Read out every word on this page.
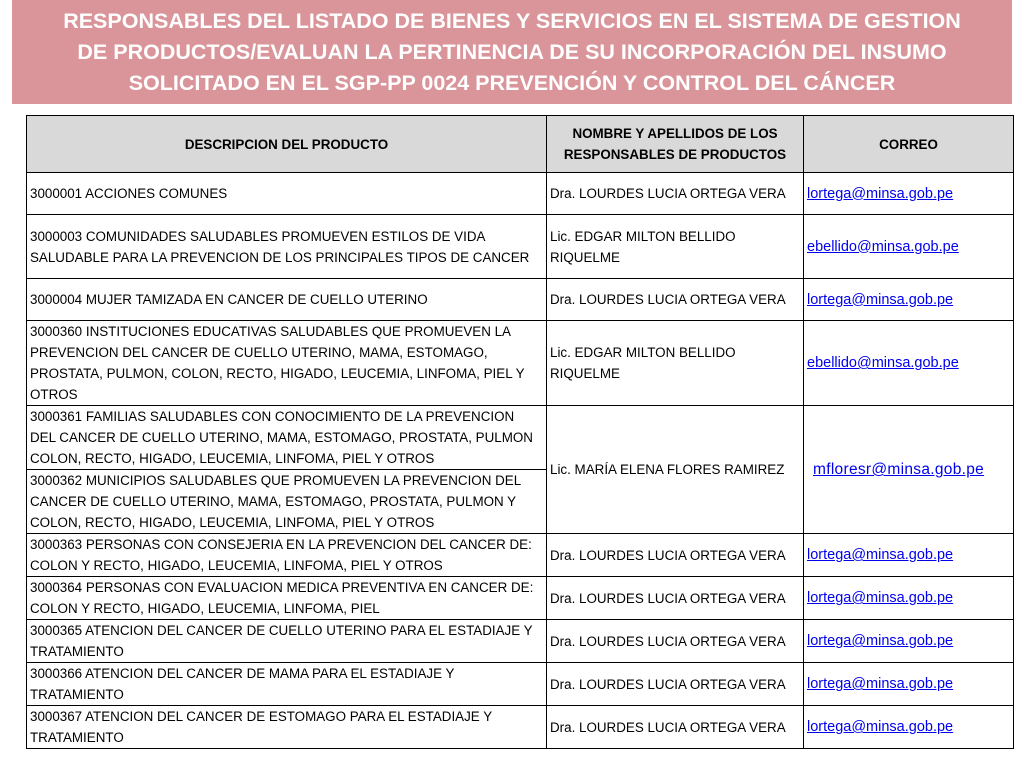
RESPONSABLES DEL LISTADO DE BIENES Y SERVICIOS EN EL SISTEMA DE GESTION
DE PRODUCTOS/EVALUAN LA PERTINENCIA DE SU INCORPORACIÓN DEL INSUMO
SOLICITADO EN EL SGP-PP 0024 PREVENCIÓN Y CONTROL DEL CÁNCER
DESCRIPCION DEL PRODUCTO	NOMBRE Y APELLIDOS DE LOS RESPONSABLES DE PRODUCTOS	CORREO
3000001 ACCIONES COMUNES	Dra. LOURDES LUCIA ORTEGA VERA	lortega@minsa.gob.pe
3000003 COMUNIDADES SALUDABLES PROMUEVEN ESTILOS DE VIDA SALUDABLE PARA LA PREVENCION DE LOS PRINCIPALES TIPOS DE CANCER	Lic. EDGAR MILTON BELLIDO RIQUELME	ebellido@minsa.gob.pe
3000004 MUJER TAMIZADA EN CANCER DE CUELLO UTERINO	Dra. LOURDES LUCIA ORTEGA VERA	lortega@minsa.gob.pe
3000360 INSTITUCIONES EDUCATIVAS SALUDABLES QUE PROMUEVEN LA PREVENCION DEL CANCER DE CUELLO UTERINO, MAMA, ESTOMAGO, PROSTATA, PULMON, COLON, RECTO, HIGADO, LEUCEMIA, LINFOMA, PIEL Y OTROS	Lic. EDGAR MILTON BELLIDO RIQUELME	ebellido@minsa.gob.pe
3000361 FAMILIAS SALUDABLES CON CONOCIMIENTO DE LA PREVENCION DEL CANCER DE CUELLO UTERINO, MAMA, ESTOMAGO, PROSTATA, PULMON COLON, RECTO, HIGADO, LEUCEMIA, LINFOMA, PIEL Y OTROS	Lic. MARÍA ELENA FLORES RAMIREZ	mfloresr@minsa.gob.pe
3000362 MUNICIPIOS SALUDABLES QUE PROMUEVEN LA PREVENCION DEL CANCER DE CUELLO UTERINO, MAMA, ESTOMAGO, PROSTATA, PULMON Y COLON, RECTO, HIGADO, LEUCEMIA, LINFOMA, PIEL Y OTROS		
3000363 PERSONAS CON CONSEJERIA EN LA PREVENCION DEL CANCER DE: COLON Y RECTO, HIGADO, LEUCEMIA, LINFOMA, PIEL Y OTROS	Dra. LOURDES LUCIA ORTEGA VERA	lortega@minsa.gob.pe
3000364 PERSONAS CON EVALUACION MEDICA PREVENTIVA EN CANCER DE: COLON Y RECTO, HIGADO, LEUCEMIA, LINFOMA, PIEL	Dra. LOURDES LUCIA ORTEGA VERA	lortega@minsa.gob.pe
3000365 ATENCION DEL CANCER DE CUELLO UTERINO PARA EL ESTADIAJE Y TRATAMIENTO	Dra. LOURDES LUCIA ORTEGA VERA	lortega@minsa.gob.pe
3000366 ATENCION DEL CANCER DE MAMA PARA EL ESTADIAJE Y TRATAMIENTO	Dra. LOURDES LUCIA ORTEGA VERA	lortega@minsa.gob.pe
3000367 ATENCION DEL CANCER DE ESTOMAGO PARA EL ESTADIAJE Y TRATAMIENTO	Dra. LOURDES LUCIA ORTEGA VERA	lortega@minsa.gob.pe
